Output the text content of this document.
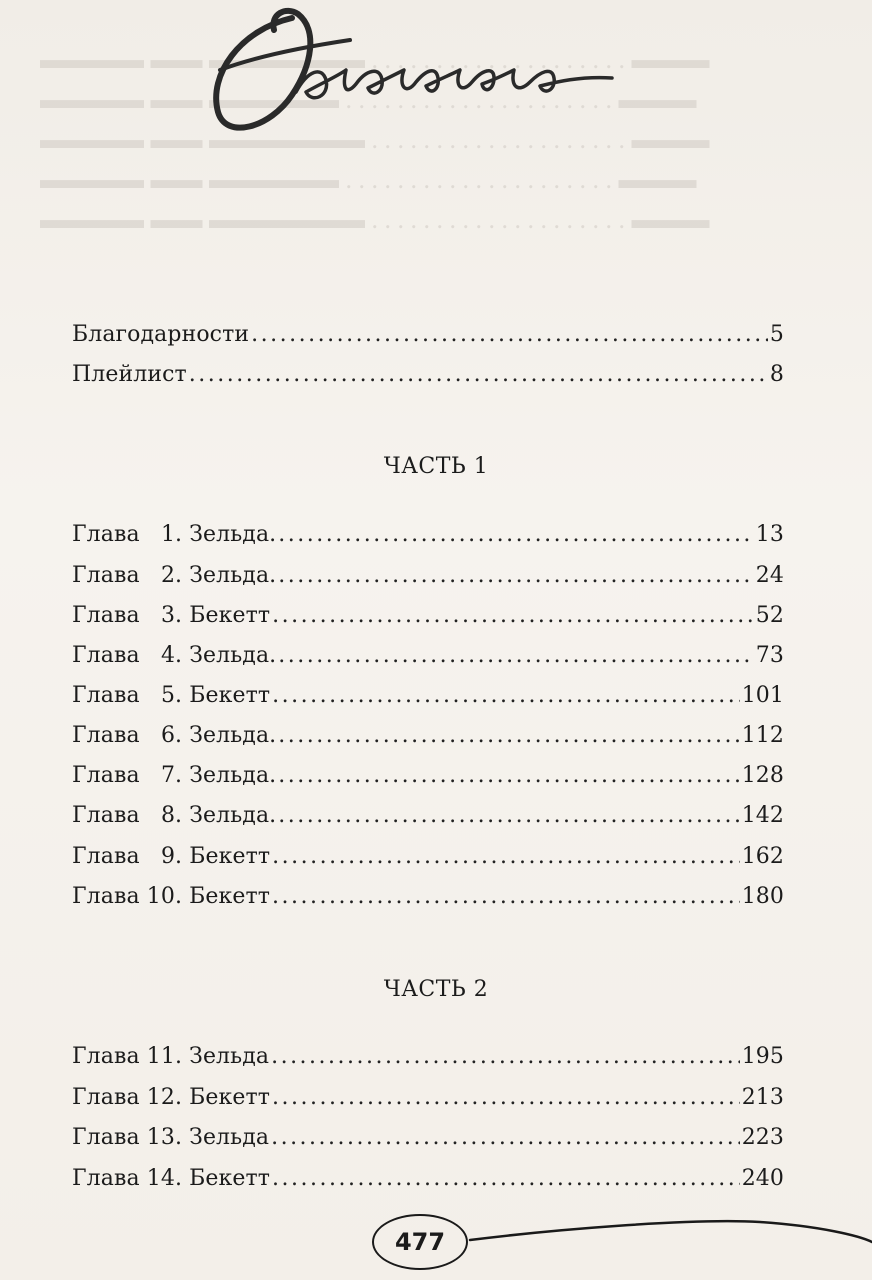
▬▬▬▬ ▬▬ ▬▬▬▬▬▬ . . . . . . . . . . . . . . . . . . . . ▬▬▬
▬▬▬▬ ▬▬ ▬▬▬▬▬ . . . . . . . . . . . . . . . . . . . . . ▬▬▬
▬▬▬▬ ▬▬ ▬▬▬▬▬▬ . . . . . . . . . . . . . . . . . . . . ▬▬▬
▬▬▬▬ ▬▬ ▬▬▬▬▬ . . . . . . . . . . . . . . . . . . . . . ▬▬▬
▬▬▬▬ ▬▬ ▬▬▬▬▬▬ . . . . . . . . . . . . . . . . . . . . ▬▬▬
Благодарности .....	5
Плейлист .....	8
ЧАСТЬ 1
Глава   1. Зельда. .....	13
Глава   2. Зельда. .....	24
Глава   3. Бекетт .....	52
Глава   4. Зельда. .....	73
Глава   5. Бекетт .....	101
Глава   6. Зельда. .....	112
Глава   7. Зельда. .....	128
Глава   8. Зельда. .....	142
Глава   9. Бекетт .....	162
Глава 10. Бекетт .....	180
ЧАСТЬ 2
Глава 11. Зельда .....	195
Глава 12. Бекетт .....	213
Глава 13. Зельда .....	223
Глава 14. Бекетт .....	240
477
